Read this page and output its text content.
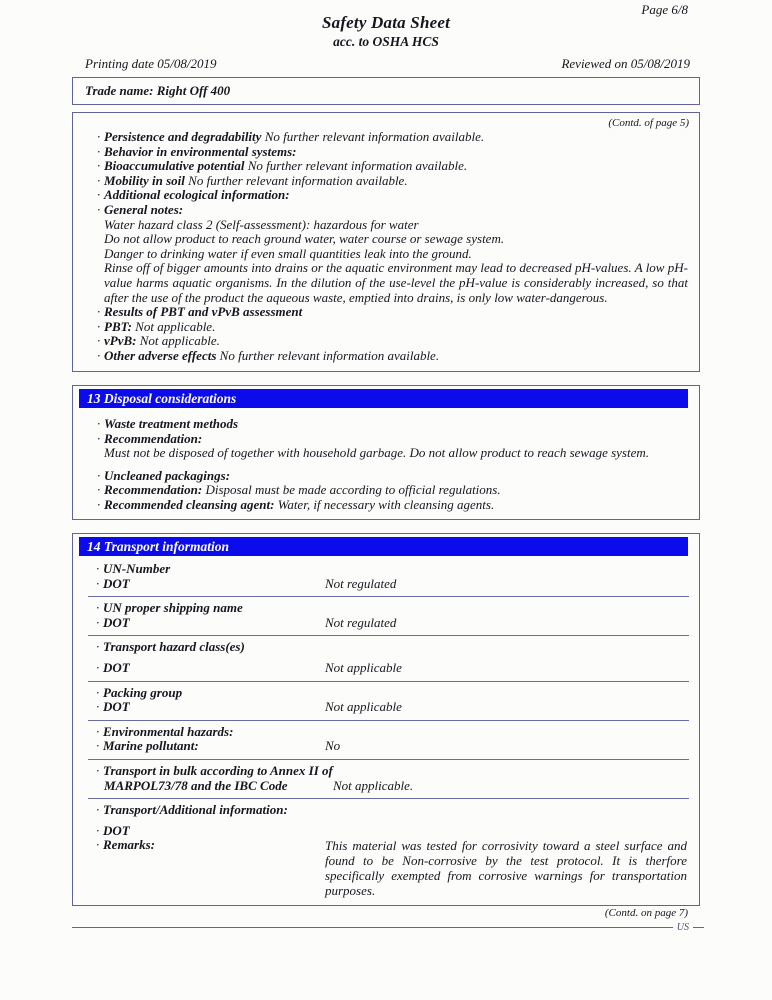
Page 6/8
Safety Data Sheet
acc. to OSHA HCS
Printing date 05/08/2019	Reviewed on 05/08/2019
Trade name: Right Off 400
(Contd. of page 5)
· Persistence and degradability No further relevant information available.
· Behavior in environmental systems:
· Bioaccumulative potential No further relevant information available.
· Mobility in soil No further relevant information available.
· Additional ecological information:
· General notes:
Water hazard class 2 (Self-assessment): hazardous for water
Do not allow product to reach ground water, water course or sewage system.
Danger to drinking water if even small quantities leak into the ground.
Rinse off of bigger amounts into drains or the aquatic environment may lead to decreased pH-values. A low pH-value harms aquatic organisms. In the dilution of the use-level the pH-value is considerably increased, so that after the use of the product the aqueous waste, emptied into drains, is only low water-dangerous.
· Results of PBT and vPvB assessment
· PBT: Not applicable.
· vPvB: Not applicable.
· Other adverse effects No further relevant information available.
13 Disposal considerations
· Waste treatment methods
· Recommendation:
Must not be disposed of together with household garbage. Do not allow product to reach sewage system.
· Uncleaned packagings:
· Recommendation: Disposal must be made according to official regulations.
· Recommended cleansing agent: Water, if necessary with cleansing agents.
14 Transport information
· UN-Number
· DOT	Not regulated
· UN proper shipping name
· DOT	Not regulated
· Transport hazard class(es)
· DOT	Not applicable
· Packing group
· DOT	Not applicable
· Environmental hazards:
· Marine pollutant:	No
· Transport in bulk according to Annex II of
MARPOL73/78 and the IBC Code	Not applicable.
· Transport/Additional information:
· DOT
· Remarks:	This material was tested for corrosivity toward a steel surface and found to be Non-corrosive by the test protocol. It is therfore specifically exempted from corrosive warnings for transportation purposes.
(Contd. on page 7)
US
